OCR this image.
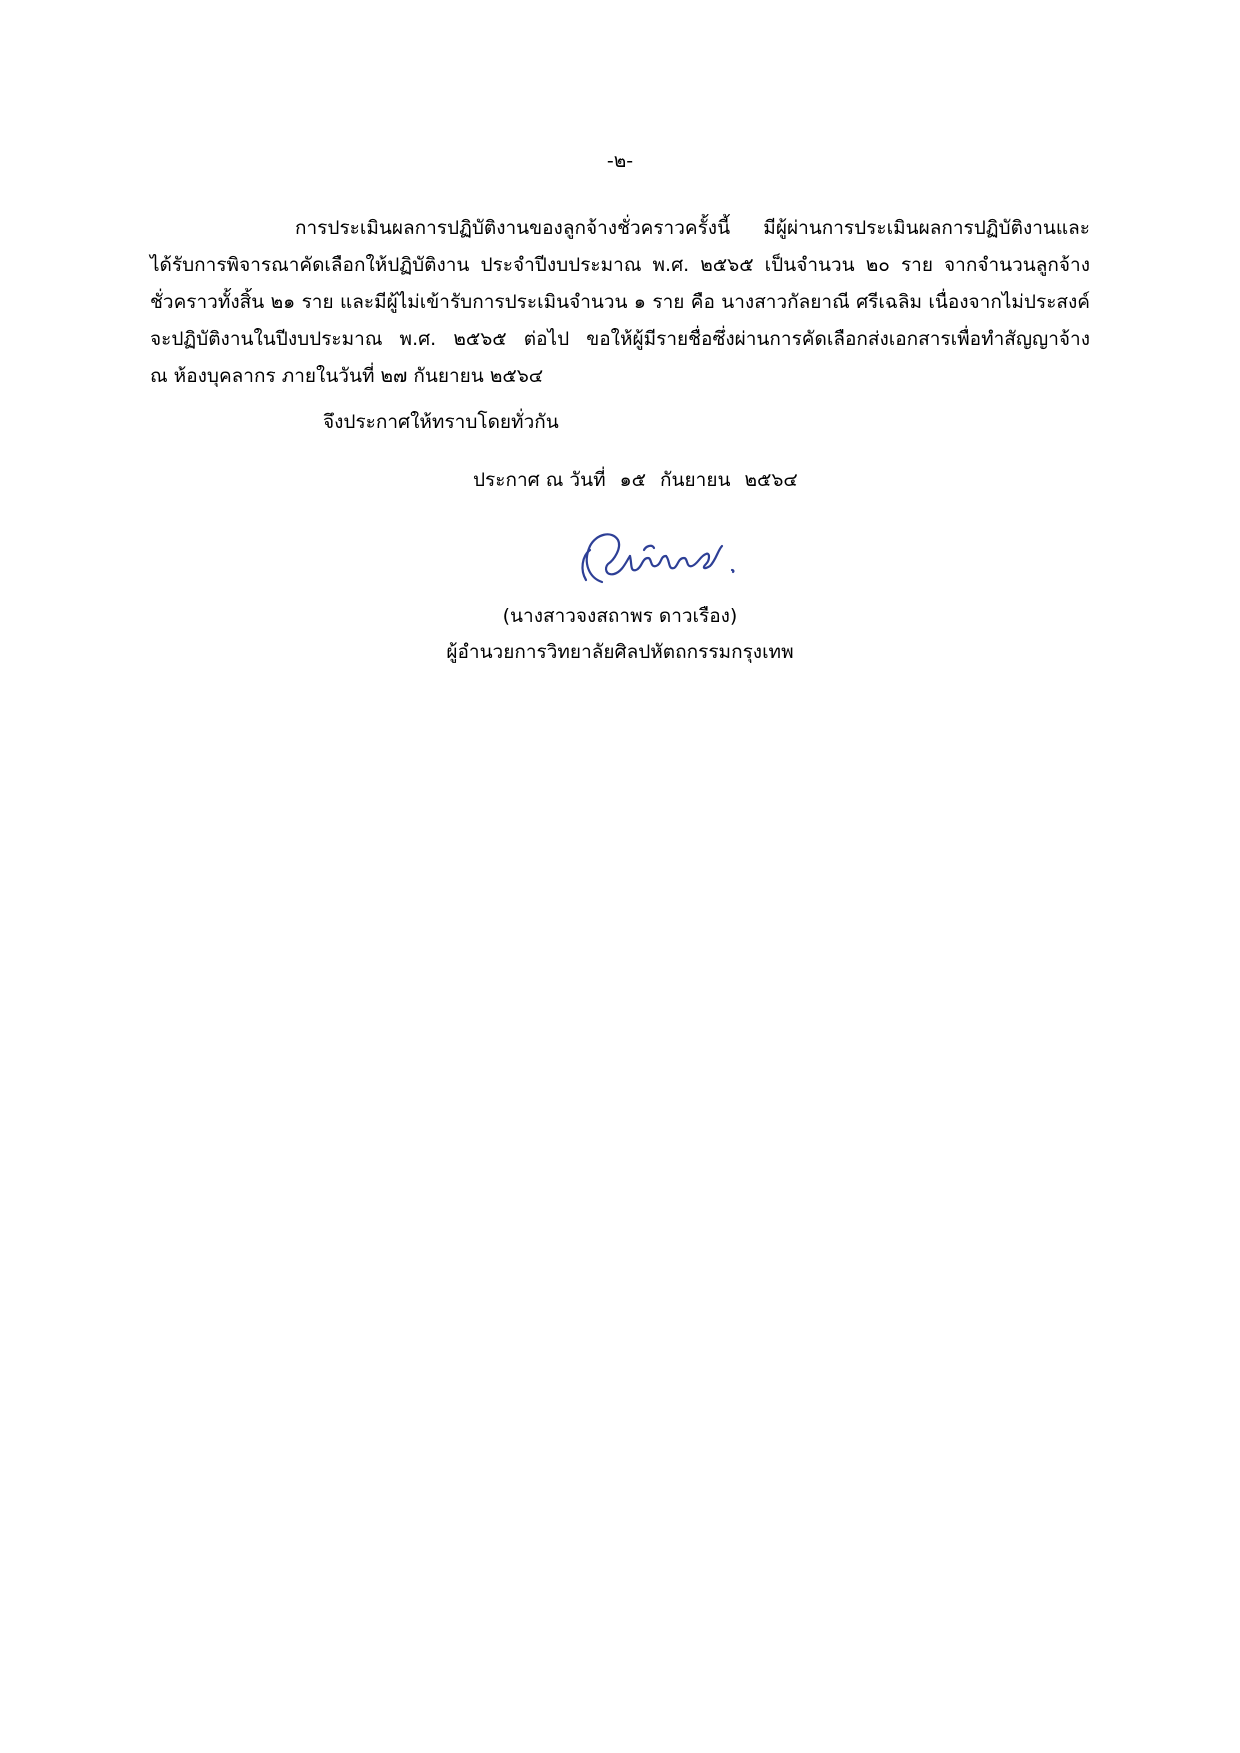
-๒-
การประเมินผลการปฏิบัติงานของลูกจ้างชั่วคราวครั้งนี้ มีผู้ผ่านการประเมินผลการปฏิบัติงานและ
ได้รับการพิจารณาคัดเลือกให้ปฏิบัติงาน ประจำปีงบประมาณ พ.ศ. ๒๕๖๕ เป็นจำนวน ๒๐ ราย จากจำนวนลูกจ้าง
ชั่วคราวทั้งสิ้น ๒๑ ราย และมีผู้ไม่เข้ารับการประเมินจำนวน ๑ ราย คือ นางสาวกัลยาณี ศรีเฉลิม เนื่องจากไม่ประสงค์
จะปฏิบัติงานในปีงบประมาณ พ.ศ. ๒๕๖๕ ต่อไป ขอให้ผู้มีรายชื่อซึ่งผ่านการคัดเลือกส่งเอกสารเพื่อทำสัญญาจ้าง
ณ ห้องบุคลากร ภายในวันที่ ๒๗ กันยายน ๒๕๖๔
จึงประกาศให้ทราบโดยทั่วกัน
ประกาศ ณ วันที่ ๑๕ กันยายน ๒๕๖๔
(นางสาวจงสถาพร ดาวเรือง)
ผู้อำนวยการวิทยาลัยศิลปหัตถกรรมกรุงเทพ
